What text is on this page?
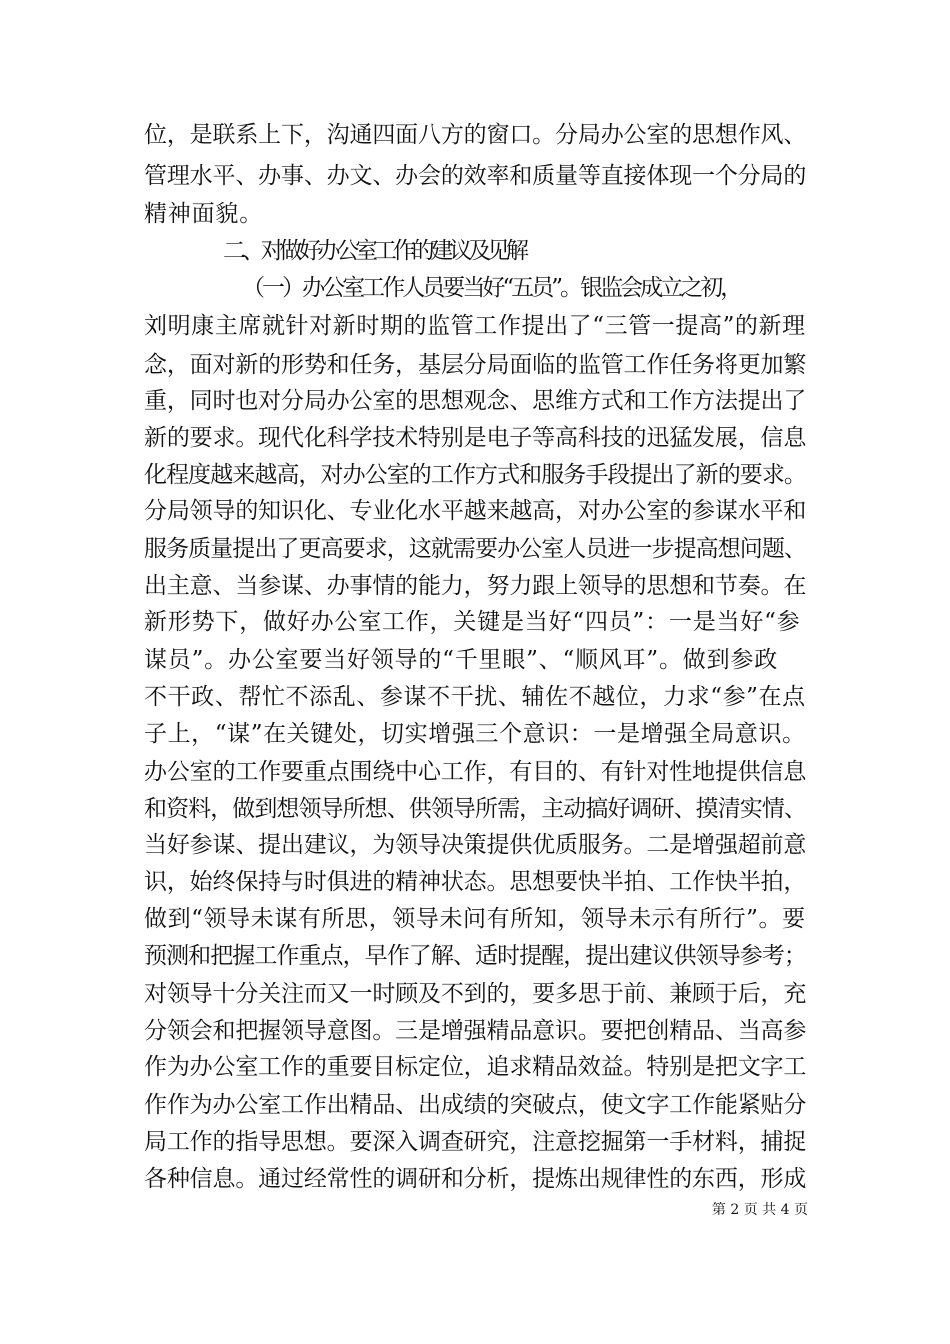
位，是联系上下，沟通四面八方的窗口。分局办公室的思想作风、
管理水平、办事、办文、办会的效率和质量等直接体现一个分局的
精神面貌。
二、对做好办公室工作的建议及见解
（一）办公室工作人员要当好“五员”。银监会成立之初，
刘明康主席就针对新时期的监管工作提出了“三管一提高”的新理
念，面对新的形势和任务，基层分局面临的监管工作任务将更加繁
重，同时也对分局办公室的思想观念、思维方式和工作方法提出了
新的要求。现代化科学技术特别是电子等高科技的迅猛发展，信息
化程度越来越高，对办公室的工作方式和服务手段提出了新的要求。
分局领导的知识化、专业化水平越来越高，对办公室的参谋水平和
服务质量提出了更高要求，这就需要办公室人员进一步提高想问题、
出主意、当参谋、办事情的能力，努力跟上领导的思想和节奏。在
新形势下，做好办公室工作，关键是当好“四员”：一是当好“参
谋员”。办公室要当好领导的“千里眼”、“顺风耳”。做到参政
不干政、帮忙不添乱、参谋不干扰、辅佐不越位，力求“参”在点
子上，“谋”在关键处，切实增强三个意识：一是增强全局意识。
办公室的工作要重点围绕中心工作，有目的、有针对性地提供信息
和资料，做到想领导所想、供领导所需，主动搞好调研、摸清实情、
当好参谋、提出建议，为领导决策提供优质服务。二是增强超前意
识，始终保持与时俱进的精神状态。思想要快半拍、工作快半拍，
做到“领导未谋有所思，领导未问有所知，领导未示有所行”。要
预测和把握工作重点，早作了解、适时提醒，提出建议供领导参考；
对领导十分关注而又一时顾及不到的，要多思于前、兼顾于后，充
分领会和把握领导意图。三是增强精品意识。要把创精品、当高参
作为办公室工作的重要目标定位，追求精品效益。特别是把文字工
作作为办公室工作出精品、出成绩的突破点，使文字工作能紧贴分
局工作的指导思想。要深入调查研究，注意挖掘第一手材料，捕捉
各种信息。通过经常性的调研和分析，提炼出规律性的东西，形成
第 2 页 共 4 页
